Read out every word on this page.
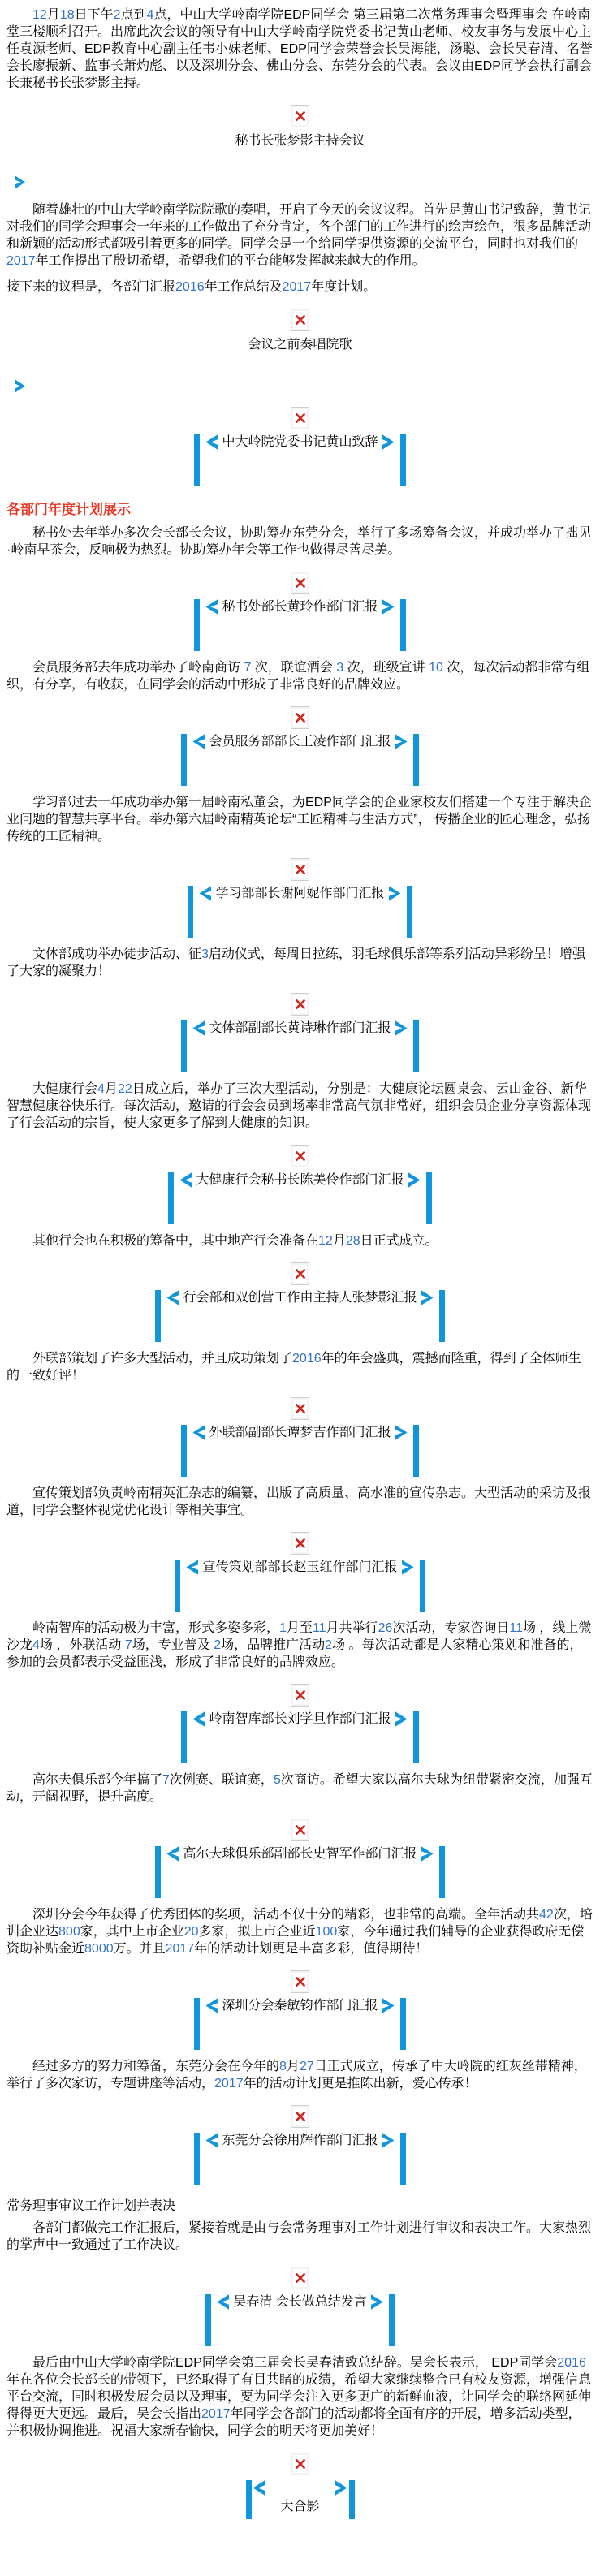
12月18日下午2点到4点，中山大学岭南学院EDP同学会 第三届第二次常务理事会暨理事会 在岭南堂三楼顺利召开。出席此次会议的领导有中山大学岭南学院党委书记黄山老师、校友事务与发展中心主任袁源老师、EDP教育中心副主任韦小妹老师、EDP同学会荣誉会长吴海能，汤聪、会长吴春清、名誉会长廖振新、监事长萧灼彪、以及深圳分会、佛山分会、东莞分会的代表。会议由EDP同学会执行副会长兼秘书长张梦影主持。

秘书长张梦影主持会议

随着雄壮的中山大学岭南学院院歌的奏唱，开启了今天的会议议程。首先是黄山书记致辞，黄书记对我们的同学会理事会一年来的工作做出了充分肯定，各个部门的工作进行的绘声绘色，很多品牌活动和新颖的活动形式都吸引着更多的同学。同学会是一个给同学提供资源的交流平台，同时也对我们的2017年工作提出了殷切希望，希望我们的平台能够发挥越来越大的作用。

接下来的议程是，各部门汇报2016年工作总结及2017年度计划。

会议之前奏唱院歌
中大岭院党委书记黄山致辞
各部门年度计划展示

秘书处去年举办多次会长部长会议，协助筹办东莞分会，举行了多场筹备会议，并成功举办了拙见·岭南早茶会，反响极为热烈。协助筹办年会等工作也做得尽善尽美。

秘书处部长黄玲作部门汇报

会员服务部去年成功举办了岭南商访 7 次，联谊酒会 3 次，班级宣讲 10 次，每次活动都非常有组织，有分享，有收获，在同学会的活动中形成了非常良好的品牌效应。

会员服务部部长王凌作部门汇报

学习部过去一年成功举办第一届岭南私董会，为EDP同学会的企业家校友们搭建一个专注于解决企业问题的智慧共享平台。举办第六届岭南精英论坛“工匠精神与生活方式”， 传播企业的匠心理念，弘扬传统的工匠精神。

学习部部长谢阿妮作部门汇报

文体部成功举办徒步活动、征3启动仪式，每周日拉练，羽毛球俱乐部等系列活动异彩纷呈！增强了大家的凝聚力！

文体部副部长黄诗琳作部门汇报

大健康行会4月22日成立后，举办了三次大型活动，分别是：大健康论坛圆桌会、云山金谷、新华智慧健康谷快乐行。每次活动，邀请的行会会员到场率非常高气氛非常好，组织会员企业分享资源体现了行会活动的宗旨，使大家更多了解到大健康的知识。

大健康行会秘书长陈美伶作部门汇报

其他行会也在积极的筹备中，其中地产行会准备在12月28日正式成立。

行会部和双创营工作由主持人张梦影汇报

外联部策划了许多大型活动，并且成功策划了2016年的年会盛典，震撼而隆重，得到了全体师生的一致好评！

外联部副部长谭梦吉作部门汇报

宣传策划部负责岭南精英汇杂志的编纂，出版了高质量、高水准的宣传杂志。大型活动的采访及报道，同学会整体视觉优化设计等相关事宜。

宣传策划部部长赵玉红作部门汇报

岭南智库的活动极为丰富，形式多姿多彩，1月至11月共举行26次活动，专家咨询日11场 ，线上微沙龙4场 ，外联活动 7场，专业普及 2场，品牌推广活动2场 。每次活动都是大家精心策划和准备的，参加的会员都表示受益匪浅，形成了非常良好的品牌效应。

岭南智库部长刘学旦作部门汇报

高尔夫俱乐部今年搞了7次例赛、联谊赛，5次商访。希望大家以高尔夫球为纽带紧密交流，加强互动，开阔视野，提升高度。

高尔夫球俱乐部副部长史智军作部门汇报

深圳分会今年获得了优秀团体的奖项，活动不仅十分的精彩，也非常的高端。全年活动共42次，培训企业达800家，其中上市企业20多家，拟上市企业近100家，今年通过我们辅导的企业获得政府无偿资助补贴金近8000万。并且2017年的活动计划更是丰富多彩，值得期待！

深圳分会秦敏钧作部门汇报

经过多方的努力和筹备，东莞分会在今年的8月27日正式成立，传承了中大岭院的红灰丝带精神，举行了多次家访，专题讲座等活动，2017年的活动计划更是推陈出新，爱心传承！

东莞分会徐用辉作部门汇报
常务理事审议工作计划并表决

各部门都做完工作汇报后，紧接着就是由与会常务理事对工作计划进行审议和表决工作。大家热烈的掌声中一致通过了工作决议。

吴春清 会长做总结发言

最后由中山大学岭南学院EDP同学会第三届会长吴春清致总结辞。吴会长表示， EDP同学会2016年在各位会长部长的带领下，已经取得了有目共睹的成绩，希望大家继续整合已有校友资源，增强信息平台交流，同时积极发展会员以及理事，要为同学会注入更多更广的新鲜血液，让同学会的联络网延伸得得更大更远。最后，吴会长指出2017年同学会各部门的活动都将全面有序的开展，增多活动类型，并积极协调推进。祝福大家新春愉快，同学会的明天将更加美好！

大合影
